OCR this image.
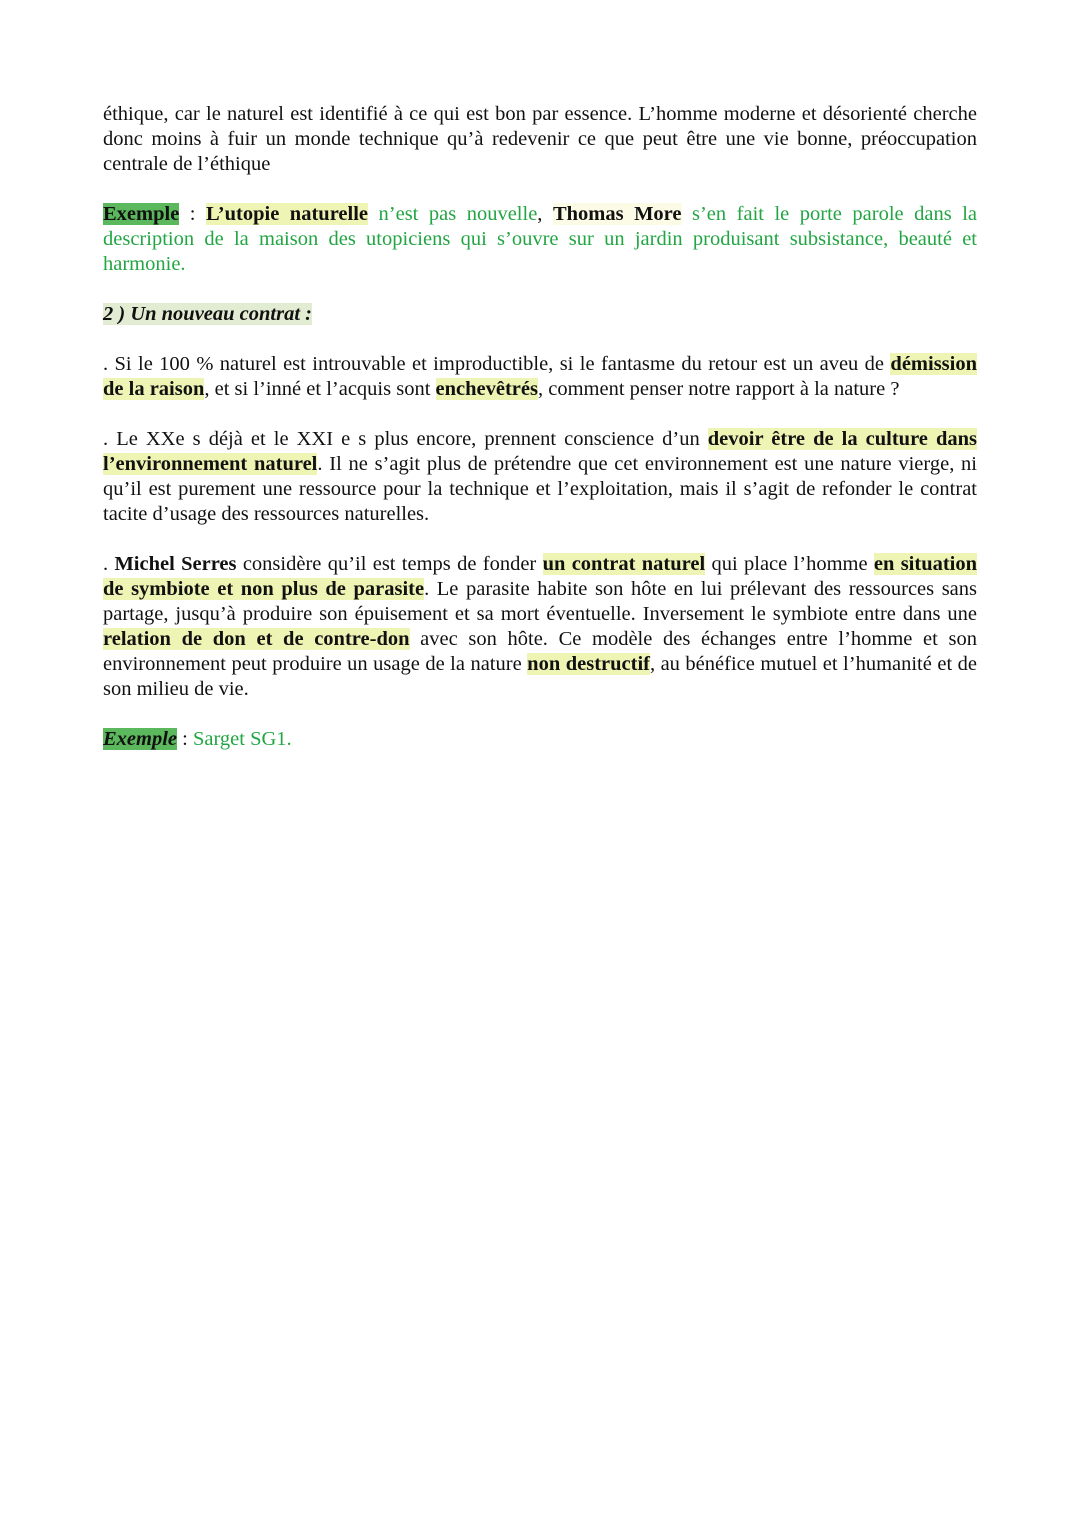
éthique, car le naturel est identifié à ce qui est bon par essence. L’homme moderne et désorienté cherche donc moins à fuir un monde technique qu’à redevenir ce que peut être une vie bonne, préoccupation centrale de l’éthique

Exemple : L’utopie naturelle n’est pas nouvelle, Thomas More s’en fait le porte parole dans la description de la maison des utopiciens qui s’ouvre sur un jardin produisant subsistance, beauté et harmonie.

2 ) Un nouveau contrat :

. Si le 100 % naturel est introuvable et improductible, si le fantasme du retour est un aveu de démission de la raison, et si l’inné et l’acquis sont enchevêtrés, comment penser notre rapport à la nature ?

. Le XXe s déjà et le XXI e s plus encore, prennent conscience d’un devoir être de la culture dans l’environnement naturel. Il ne s’agit plus de prétendre que cet environnement est une nature vierge, ni qu’il est purement une ressource pour la technique et l’exploitation, mais il s’agit de refonder le contrat tacite d’usage des ressources naturelles.

. Michel Serres considère qu’il est temps de fonder un contrat naturel qui place l’homme en situation de symbiote et non plus de parasite. Le parasite habite son hôte en lui prélevant des ressources sans partage, jusqu’à produire son épuisement et sa mort éventuelle. Inversement le symbiote entre dans une relation de don et de contre-don avec son hôte. Ce modèle des échanges entre l’homme et son environnement peut produire un usage de la nature non destructif, au bénéfice mutuel et l’humanité et de son milieu de vie.

Exemple : Sarget SG1.
